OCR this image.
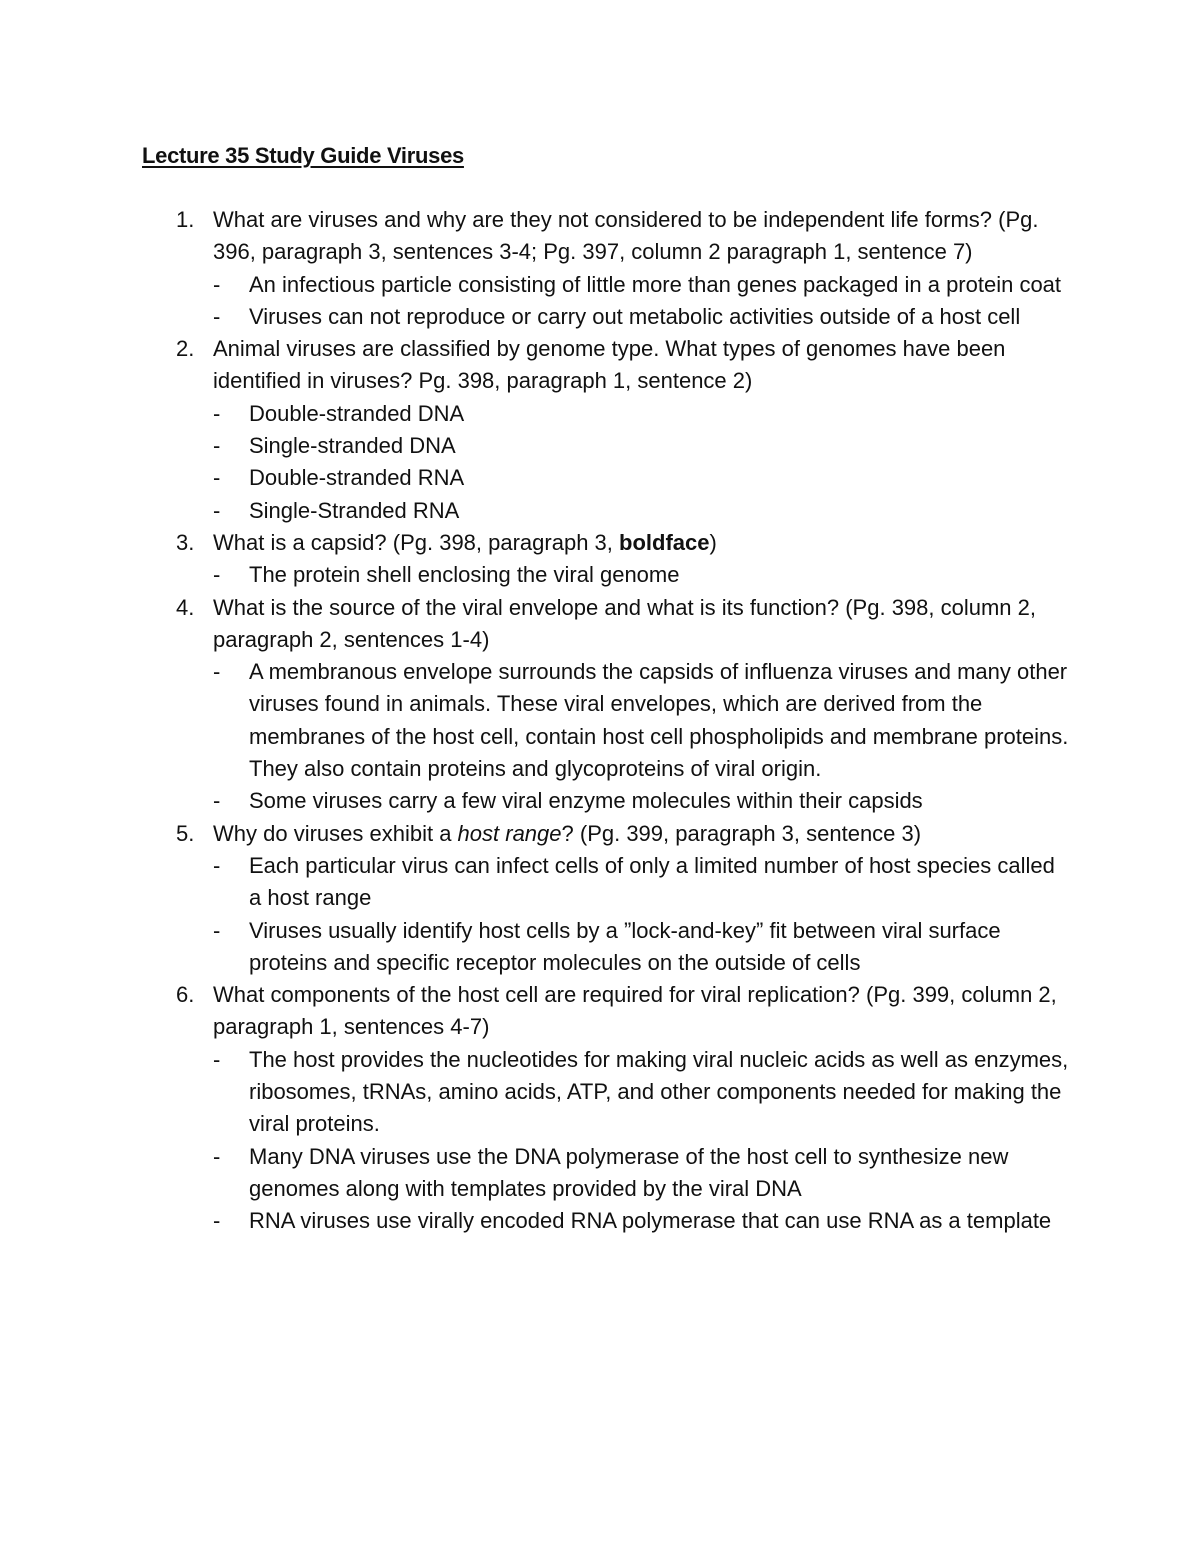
Lecture 35 Study Guide Viruses
1. What are viruses and why are they not considered to be independent life forms? (Pg. 396, paragraph 3, sentences 3-4; Pg. 397, column 2 paragraph 1, sentence 7)
- An infectious particle consisting of little more than genes packaged in a protein coat
- Viruses can not reproduce or carry out metabolic activities outside of a host cell
2. Animal viruses are classified by genome type. What types of genomes have been identified in viruses? Pg. 398, paragraph 1, sentence 2)
- Double-stranded DNA
- Single-stranded DNA
- Double-stranded RNA
- Single-Stranded RNA
3. What is a capsid? (Pg. 398, paragraph 3, boldface)
- The protein shell enclosing the viral genome
4. What is the source of the viral envelope and what is its function? (Pg. 398, column 2, paragraph 2, sentences 1-4)
- A membranous envelope surrounds the capsids of influenza viruses and many other viruses found in animals. These viral envelopes, which are derived from the membranes of the host cell, contain host cell phospholipids and membrane proteins. They also contain proteins and glycoproteins of viral origin.
- Some viruses carry a few viral enzyme molecules within their capsids
5. Why do viruses exhibit a host range? (Pg. 399, paragraph 3, sentence 3)
- Each particular virus can infect cells of only a limited number of host species called a host range
- Viruses usually identify host cells by a ”lock-and-key” fit between viral surface proteins and specific receptor molecules on the outside of cells
6. What components of the host cell are required for viral replication? (Pg. 399, column 2, paragraph 1, sentences 4-7)
- The host provides the nucleotides for making viral nucleic acids as well as enzymes, ribosomes, tRNAs, amino acids, ATP, and other components needed for making the viral proteins.
- Many DNA viruses use the DNA polymerase of the host cell to synthesize new genomes along with templates provided by the viral DNA
- RNA viruses use virally encoded RNA polymerase that can use RNA as a template
